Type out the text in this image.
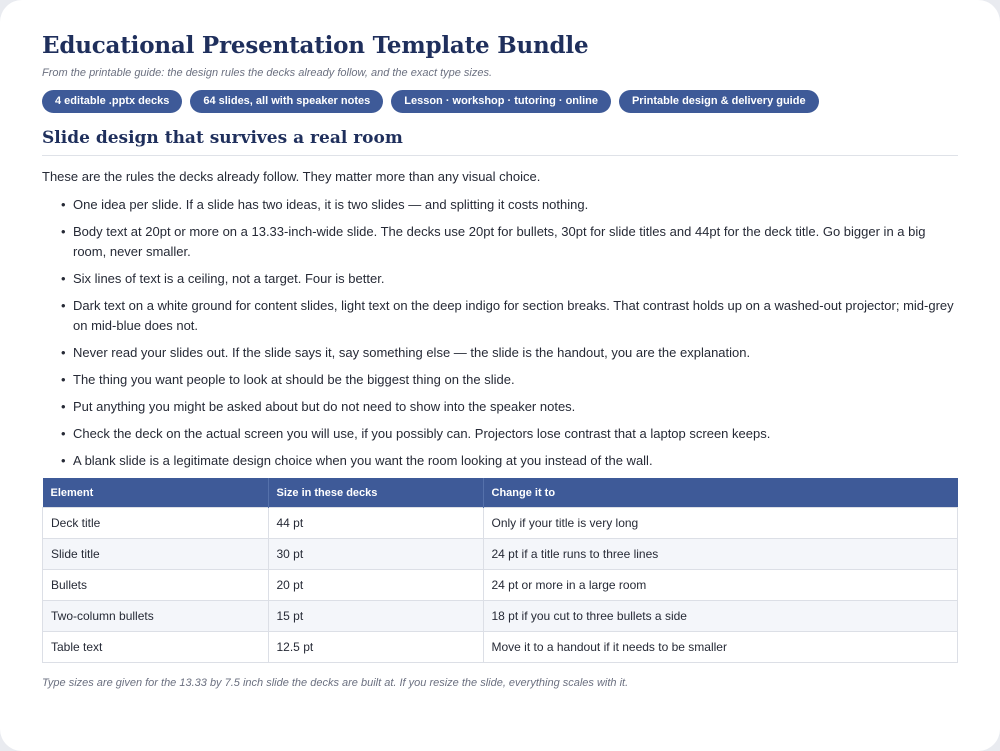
Educational Presentation Template Bundle

From the printable guide: the design rules the decks already follow, and the exact type sizes.

4 editable .pptx decks	64 slides, all with speaker notes	Lesson · workshop · tutoring · online	Printable design & delivery guide
Slide design that survives a real room

These are the rules the decks already follow. They matter more than any visual choice.

• One idea per slide. If a slide has two ideas, it is two slides — and splitting it costs nothing.
• Body text at 20pt or more on a 13.33-inch-wide slide. The decks use 20pt for bullets, 30pt for slide titles and 44pt for the deck title. Go bigger in a big room, never smaller.
• Six lines of text is a ceiling, not a target. Four is better.
• Dark text on a white ground for content slides, light text on the deep indigo for section breaks. That contrast holds up on a washed-out projector; mid-grey on mid-blue does not.
• Never read your slides out. If the slide says it, say something else — the slide is the handout, you are the explanation.
• The thing you want people to look at should be the biggest thing on the slide.
• Put anything you might be asked about but do not need to show into the speaker notes.
• Check the deck on the actual screen you will use, if you possibly can. Projectors lose contrast that a laptop screen keeps.
• A blank slide is a legitimate design choice when you want the room looking at you instead of the wall.
Element	Size in these decks	Change it to
Deck title	44 pt	Only if your title is very long
Slide title	30 pt	24 pt if a title runs to three lines
Bullets	20 pt	24 pt or more in a large room
Two-column bullets	15 pt	18 pt if you cut to three bullets a side
Table text	12.5 pt	Move it to a handout if it needs to be smaller

Type sizes are given for the 13.33 by 7.5 inch slide the decks are built at. If you resize the slide, everything scales with it.
